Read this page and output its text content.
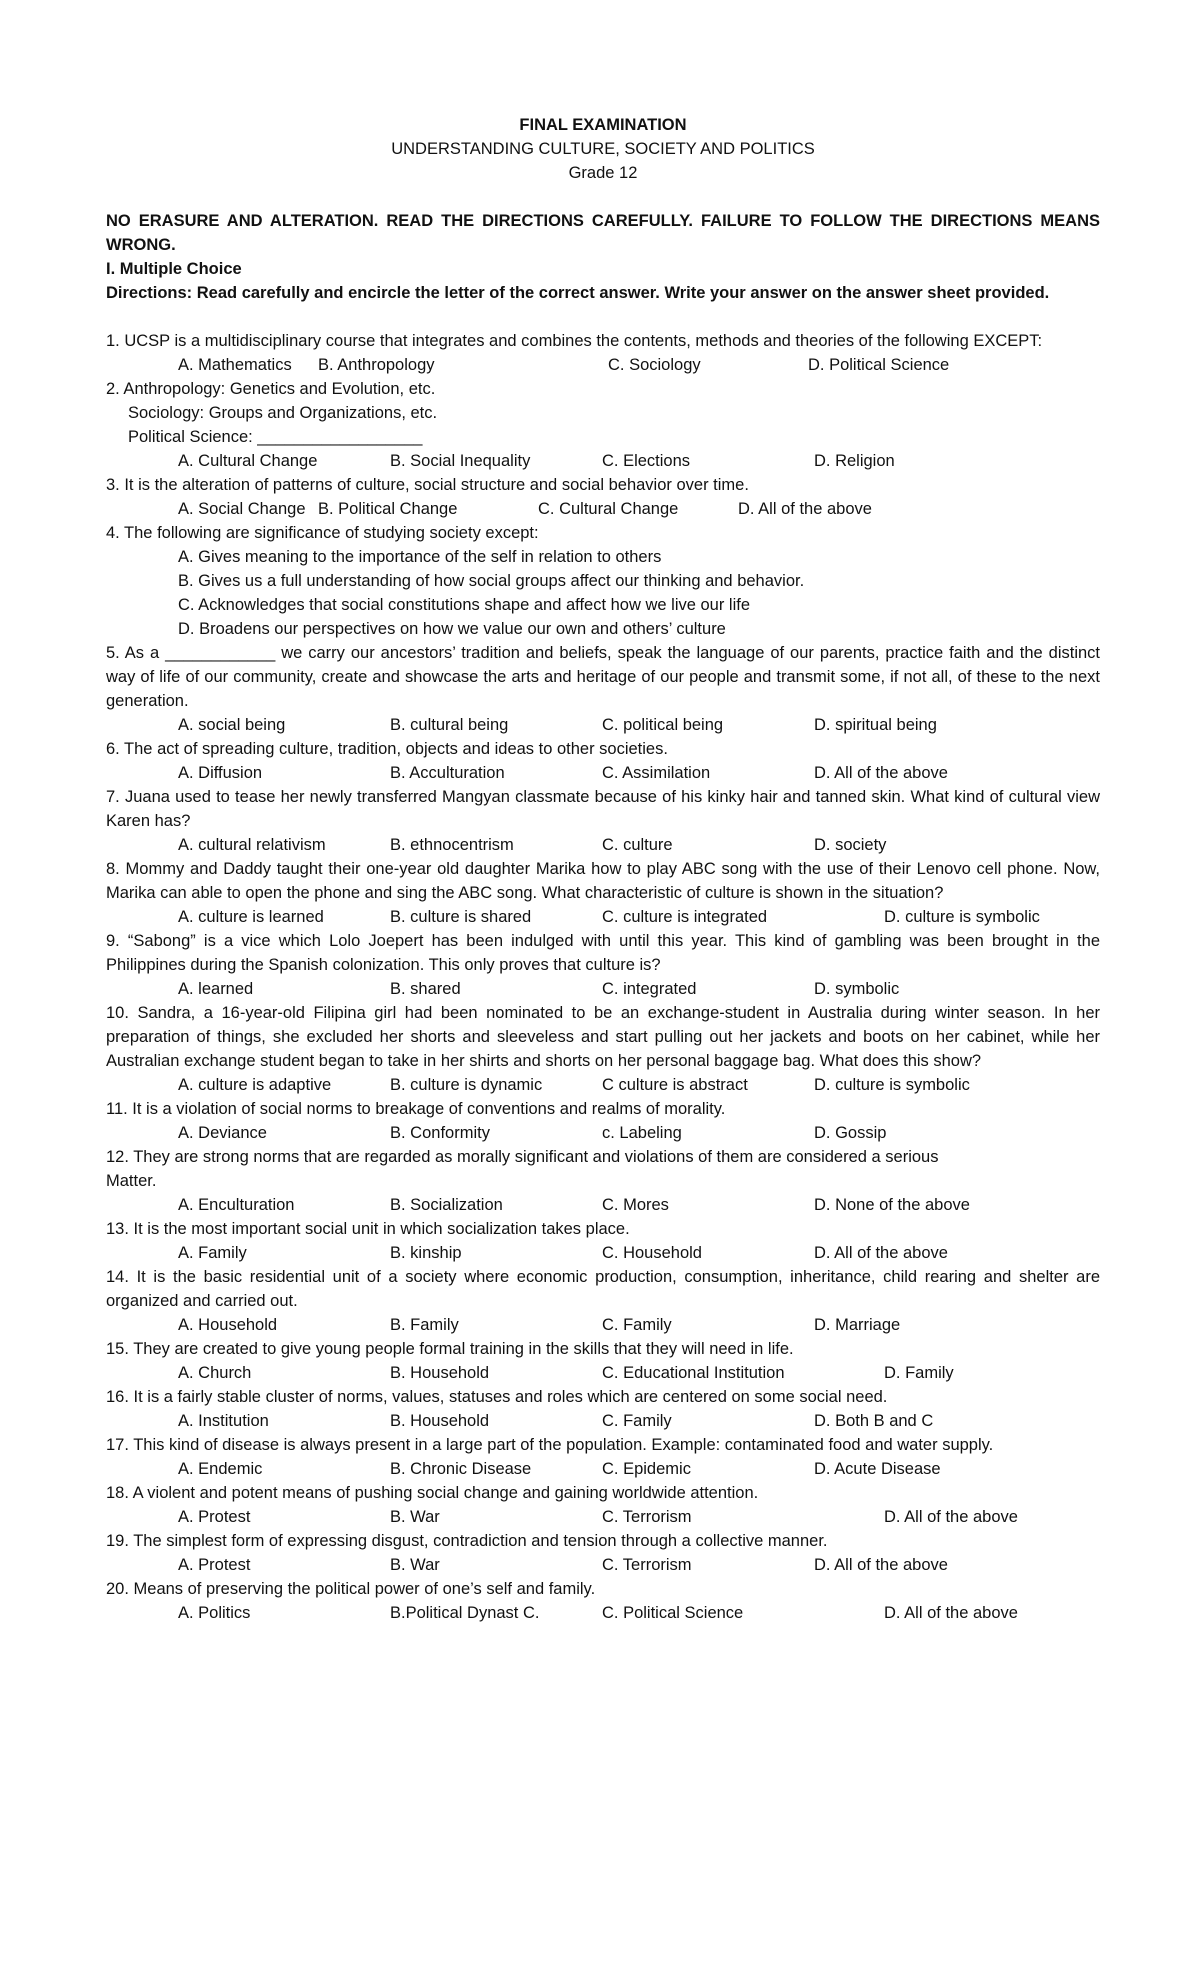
FINAL EXAMINATION
UNDERSTANDING CULTURE, SOCIETY AND POLITICS
Grade 12
NO ERASURE AND ALTERATION. READ THE DIRECTIONS CAREFULLY. FAILURE TO FOLLOW THE DIRECTIONS MEANS WRONG.
I. Multiple Choice
Directions: Read carefully and encircle the letter of the correct answer. Write your answer on the answer sheet provided.
1. UCSP is a multidisciplinary course that integrates and combines the contents, methods and theories of the following EXCEPT:
A. Mathematics	B. Anthropology	C. Sociology	D. Political Science
2. Anthropology: Genetics and Evolution, etc.
Sociology: Groups and Organizations, etc.
Political Science: __________________
A. Cultural Change	B. Social Inequality	C. Elections	D. Religion
3. It is the alteration of patterns of culture, social structure and social behavior over time.
A. Social Change B. Political Change	C. Cultural Change	D. All of the above
4. The following are significance of studying society except:
A. Gives meaning to the importance of the self in relation to others
B. Gives us a full understanding of how social groups affect our thinking and behavior.
C. Acknowledges that social constitutions shape and affect how we live our life
D. Broadens our perspectives on how we value our own and others’ culture
5. As a ____________ we carry our ancestors’ tradition and beliefs, speak the language of our parents, practice faith and the distinct way of life of our community, create and showcase the arts and heritage of our people and transmit some, if not all, of these to the next generation.
A. social being	B. cultural being	C. political being	D. spiritual being
6. The act of spreading culture, tradition, objects and ideas to other societies.
A. Diffusion	B. Acculturation	C. Assimilation	D. All of the above
7. Juana used to tease her newly transferred Mangyan classmate because of his kinky hair and tanned skin. What kind of cultural view Karen has?
A. cultural relativism	B. ethnocentrism	C. culture	D. society
8. Mommy and Daddy taught their one-year old daughter Marika how to play ABC song with the use of their Lenovo cell phone. Now, Marika can able to open the phone and sing the ABC song. What characteristic of culture is shown in the situation?
A. culture is learned	B. culture is shared	C. culture is integrated	D. culture is symbolic
9. “Sabong” is a vice which Lolo Joepert has been indulged with until this year. This kind of gambling was been brought in the Philippines during the Spanish colonization. This only proves that culture is?
A. learned	B. shared	C. integrated	D. symbolic
10. Sandra, a 16-year-old Filipina girl had been nominated to be an exchange-student in Australia during winter season. In her preparation of things, she excluded her shorts and sleeveless and start pulling out her jackets and boots on her cabinet, while her Australian exchange student began to take in her shirts and shorts on her personal baggage bag. What does this show?
A. culture is adaptive	B. culture is dynamic	C culture is abstract	D. culture is symbolic
11. It is a violation of social norms to breakage of conventions and realms of morality.
A. Deviance	B. Conformity	c. Labeling	D. Gossip
12. They are strong norms that are regarded as morally significant and violations of them are considered a serious
Matter.
A. Enculturation	B. Socialization	C. Mores	D. None of the above
13. It is the most important social unit in which socialization takes place.
A. Family	B. kinship	C. Household	D. All of the above
14. It is the basic residential unit of a society where economic production, consumption, inheritance, child rearing and shelter are organized and carried out.
A. Household	B. Family	C. Family	D. Marriage
15. They are created to give young people formal training in the skills that they will need in life.
A. Church	B. Household	C. Educational Institution	D. Family
16. It is a fairly stable cluster of norms, values, statuses and roles which are centered on some social need.
A. Institution	B. Household	C. Family	D. Both B and C
17. This kind of disease is always present in a large part of the population. Example: contaminated food and water supply.
A. Endemic	B. Chronic Disease	C. Epidemic	D. Acute Disease
18. A violent and potent means of pushing social change and gaining worldwide attention.
A. Protest	B. War	C. Terrorism	D. All of the above
19. The simplest form of expressing disgust, contradiction and tension through a collective manner.
A. Protest	B. War	C. Terrorism	D. All of the above
20. Means of preserving the political power of one’s self and family.
A. Politics	B.Political Dynast C.	C. Political Science	D. All of the above
